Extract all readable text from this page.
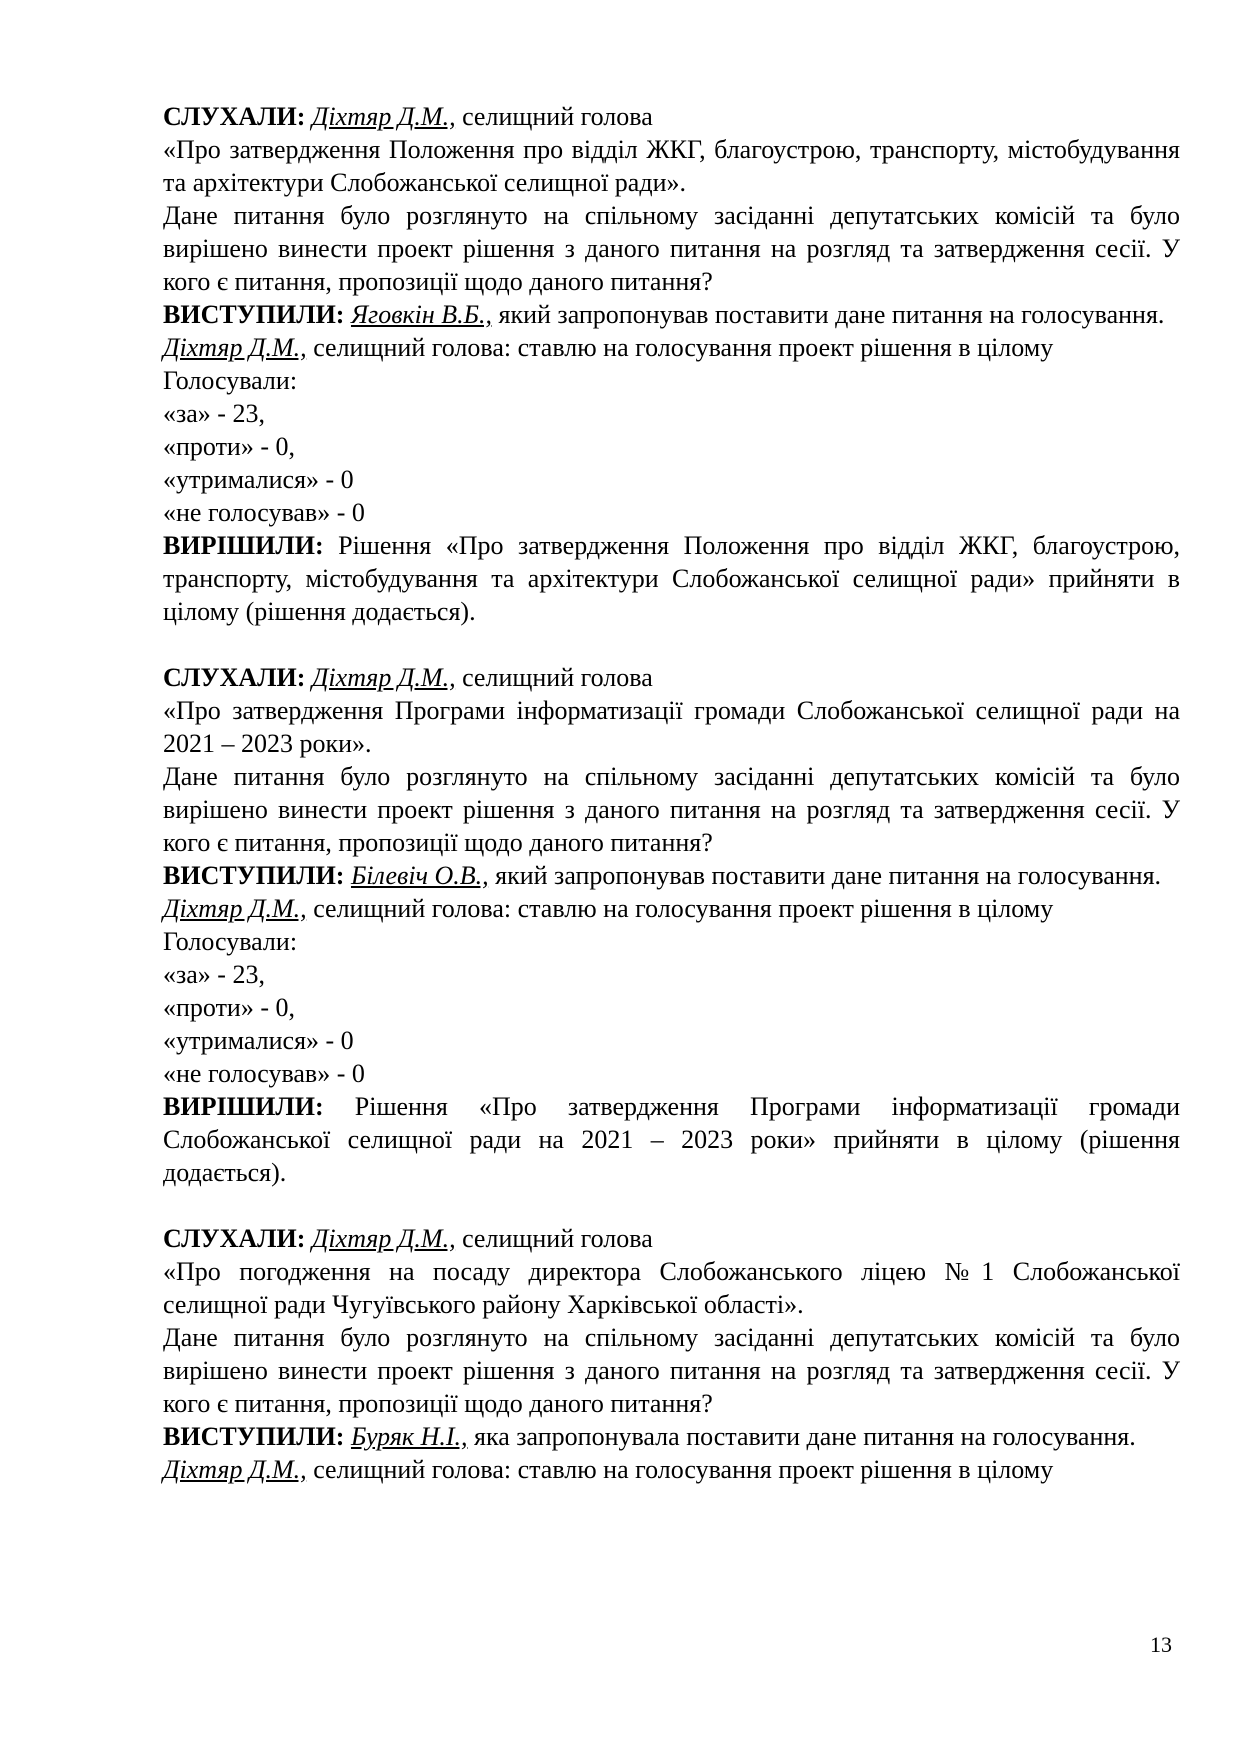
СЛУХАЛИ: Діхтяр Д.М., селищний голова

«Про затвердження Положення про відділ ЖКГ, благоустрою, транспорту, містобудування та архітектури Слобожанської селищної ради».

Дане питання було розглянуто на спільному засіданні депутатських комісій та було вирішено винести проект рішення з даного питання на розгляд та затвердження сесії. У кого є питання, пропозиції щодо даного питання?

ВИСТУПИЛИ: Яговкін В.Б., який запропонував поставити дане питання на голосування.

Діхтяр Д.М., селищний голова: ставлю на голосування проект рішення в цілому

Голосували:

«за» - 23,

«проти» - 0,

«утрималися» - 0

«не голосував» - 0

ВИРІШИЛИ: Рішення «Про затвердження Положення про відділ ЖКГ, благоустрою, транспорту, містобудування та архітектури Слобожанської селищної ради» прийняти в цілому (рішення додається).

СЛУХАЛИ: Діхтяр Д.М., селищний голова

«Про затвердження Програми інформатизації громади Слобожанської селищної ради на 2021 – 2023 роки».

Дане питання було розглянуто на спільному засіданні депутатських комісій та було вирішено винести проект рішення з даного питання на розгляд та затвердження сесії. У кого є питання, пропозиції щодо даного питання?

ВИСТУПИЛИ: Білевіч О.В., який запропонував поставити дане питання на голосування.

Діхтяр Д.М., селищний голова: ставлю на голосування проект рішення в цілому

Голосували:

«за» - 23,

«проти» - 0,

«утрималися» - 0

«не голосував» - 0

ВИРІШИЛИ: Рішення «Про затвердження Програми інформатизації громади Слобожанської селищної ради на 2021 – 2023 роки» прийняти в цілому (рішення додається).

СЛУХАЛИ: Діхтяр Д.М., селищний голова

«Про погодження на посаду директора Слобожанського ліцею №1 Слобожанської селищної ради Чугуївського району Харківської області».

Дане питання було розглянуто на спільному засіданні депутатських комісій та було вирішено винести проект рішення з даного питання на розгляд та затвердження сесії. У кого є питання, пропозиції щодо даного питання?

ВИСТУПИЛИ: Буряк Н.І., яка запропонувала поставити дане питання на голосування.

Діхтяр Д.М., селищний голова: ставлю на голосування проект рішення в цілому

13
